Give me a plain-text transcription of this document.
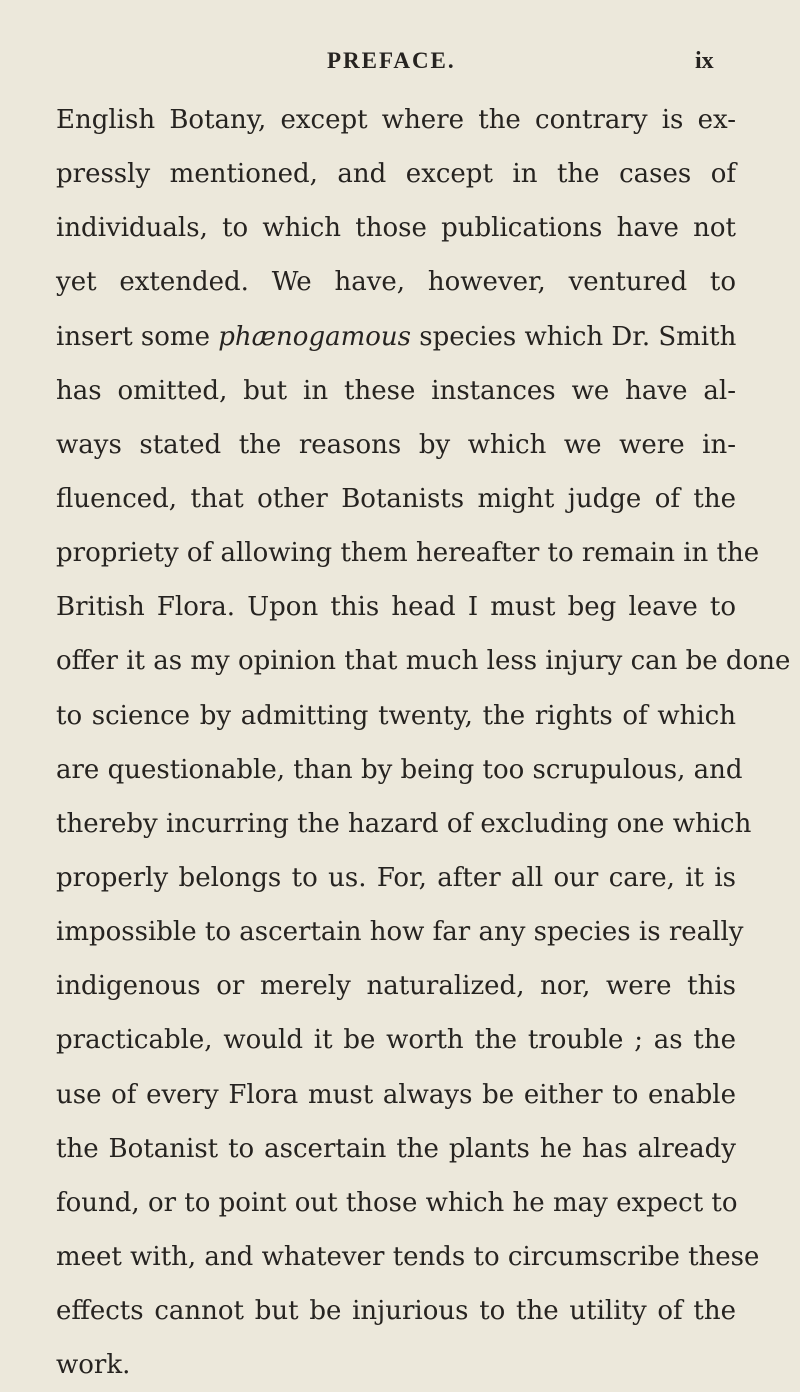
PREFACE.	ix
English Botany, except where the contrary is ex-
pressly mentioned, and except in the cases of
individuals, to which those publications have not
yet extended. We have, however, ventured to
insert some phænogamous species which Dr. Smith
has omitted, but in these instances we have al-
ways stated the reasons by which we were in-
fluenced, that other Botanists might judge of the
propriety of allowing them hereafter to remain in the
British Flora. Upon this head I must beg leave to
offer it as my opinion that much less injury can be done
to science by admitting twenty, the rights of which
are questionable, than by being too scrupulous, and
thereby incurring the hazard of excluding one which
properly belongs to us. For, after all our care, it is
impossible to ascertain how far any species is really
indigenous or merely naturalized, nor, were this
practicable, would it be worth the trouble ; as the
use of every Flora must always be either to enable
the Botanist to ascertain the plants he has already
found, or to point out those which he may expect to
meet with, and whatever tends to circumscribe these
effects cannot but be injurious to the utility of the
work.
